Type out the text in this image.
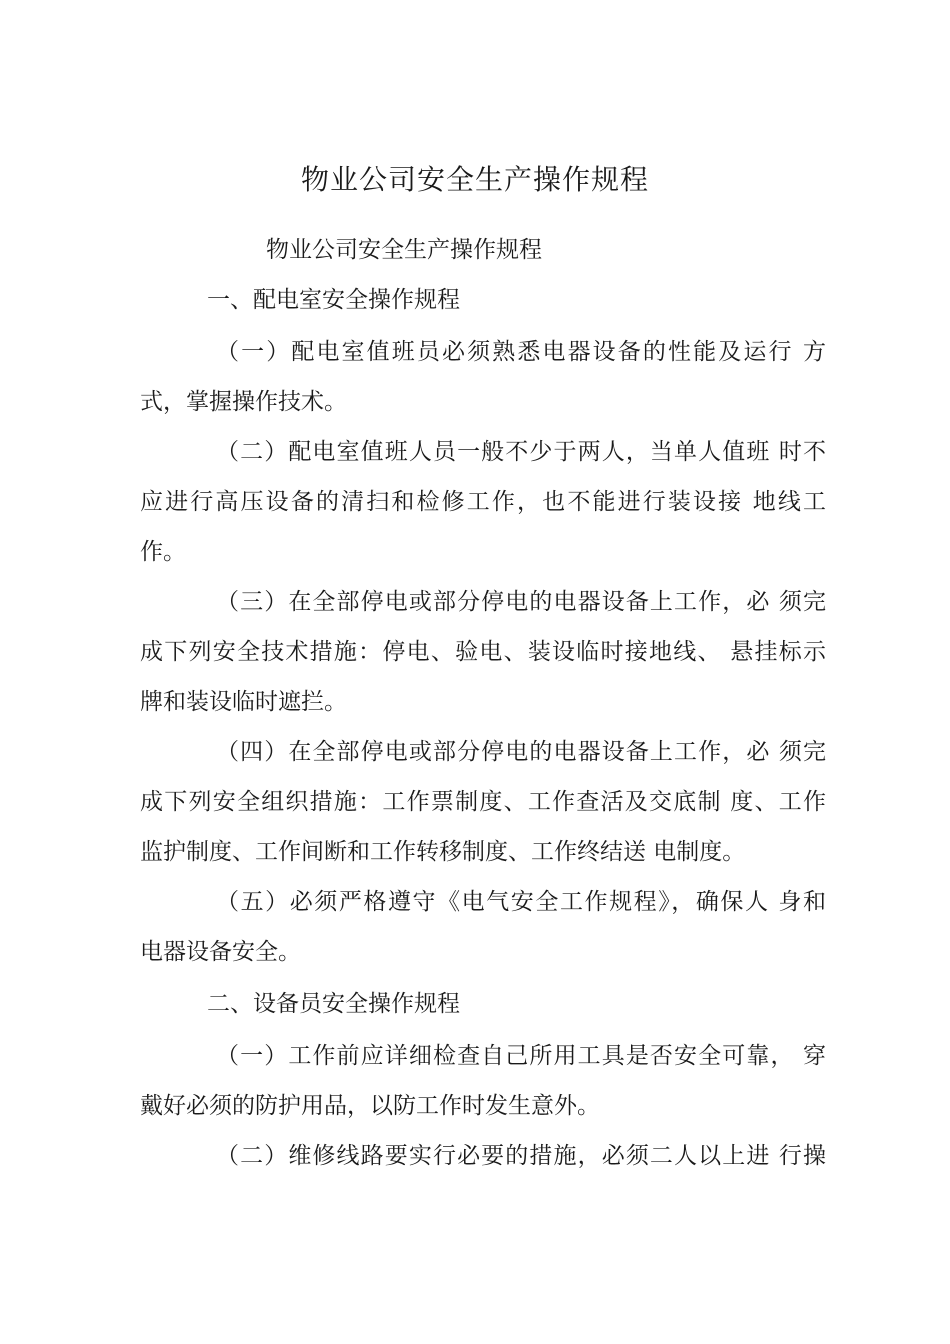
物业公司安全生产操作规程
物业公司安全生产操作规程
一、配电室安全操作规程
（一）配电室值班员必须熟悉电器设备的性能及运行 方
式，掌握操作技术。
（二）配电室值班人员一般不少于两人，当单人值班 时不
应进行高压设备的清扫和检修工作，也不能进行装设接 地线工
作。
（三）在全部停电或部分停电的电器设备上工作，必 须完
成下列安全技术措施：停电、验电、装设临时接地线、 悬挂标示
牌和装设临时遮拦。
（四）在全部停电或部分停电的电器设备上工作，必 须完
成下列安全组织措施：工作票制度、工作查活及交底制 度、工作
监护制度、工作间断和工作转移制度、工作终结送 电制度。
（五）必须严格遵守《电气安全工作规程》，确保人 身和
电器设备安全。
二、设备员安全操作规程
（一）工作前应详细检查自己所用工具是否安全可靠， 穿
戴好必须的防护用品，以防工作时发生意外。
（二）维修线路要实行必要的措施，必须二人以上进 行操
